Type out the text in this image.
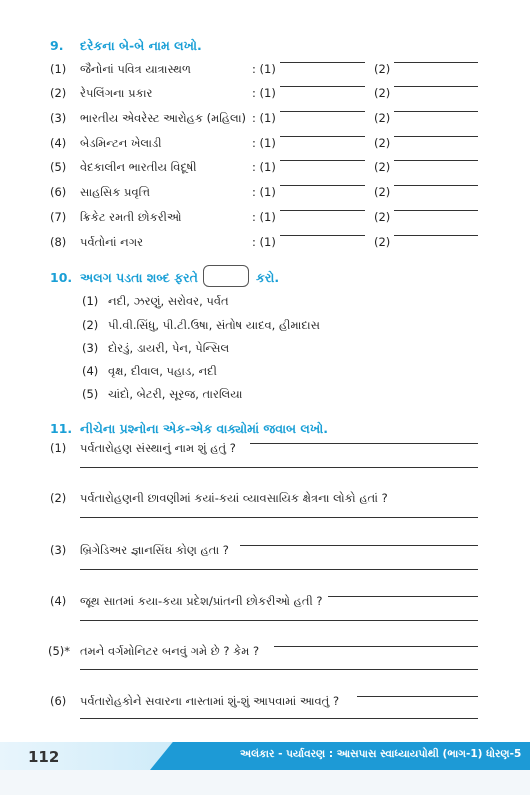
9. દરેકના બે-બે નામ લખો.
(1) જૈનોનાં પવિત્ર યાત્રાસ્થળ	: (1)	(2)
(2) રેપલિંગના પ્રકાર	: (1)	(2)
(3) ભારતીય એવરેસ્ટ આરોહક (મહિલા) : (1)	(2)
(4) બેડમિન્ટન ખેલાડી	: (1)	(2)
(5) વેદકાલીન ભારતીય વિદૂષી	: (1)	(2)
(6) સાહસિક પ્રવૃત્તિ	: (1)	(2)
(7) ક્રિકેટ રમતી છોકરીઓ	: (1)	(2)
(8) પર્વતોનાં નગર	: (1)	(2)
10. અલગ પડતા શબ્દ ફરતે	કરો.
(1) નદી, ઝરણું, સરોવર, પર્વત
(2) પી.વી.સિંધુ, પી.ટી.ઉષા, સંતોષ યાદવ, હીમાદાસ
(3) દોરડું, ડાયરી, પેન, પેન્સિલ
(4) વૃક્ષ, દીવાલ, પહાડ, નદી
(5) ચાંદો, બેટરી, સૂરજ, તારલિયા
11. નીચેના પ્રશ્નોના એક-એક વાક્યોમાં જવાબ લખો.
(1) પર્વતારોહણ સંસ્થાનું નામ શું હતું ?
(2) પર્વતારોહણની છાવણીમાં કયાં-કયાં વ્યાવસાયિક ક્ષેત્રના લોકો હતાં ?
(3) બ્રિગેડિઅર જ્ઞાનસિંઘ કોણ હતા ?
(4) જૂથ સાતમાં કયા-કયા પ્રદેશ/પ્રાંતની છોકરીઓ હતી ?
(5)* તમને વર્ગમોનિટર બનવું ગમે છે ? કેમ ?
(6) પર્વતારોહકોને સવારના નાસ્તામાં શું-શું આપવામાં આવતું ?
અલંકાર - પર્યાવરણ : આસપાસ સ્વાધ્યાયપોથી (ભાગ-1) ધોરણ-5
112
